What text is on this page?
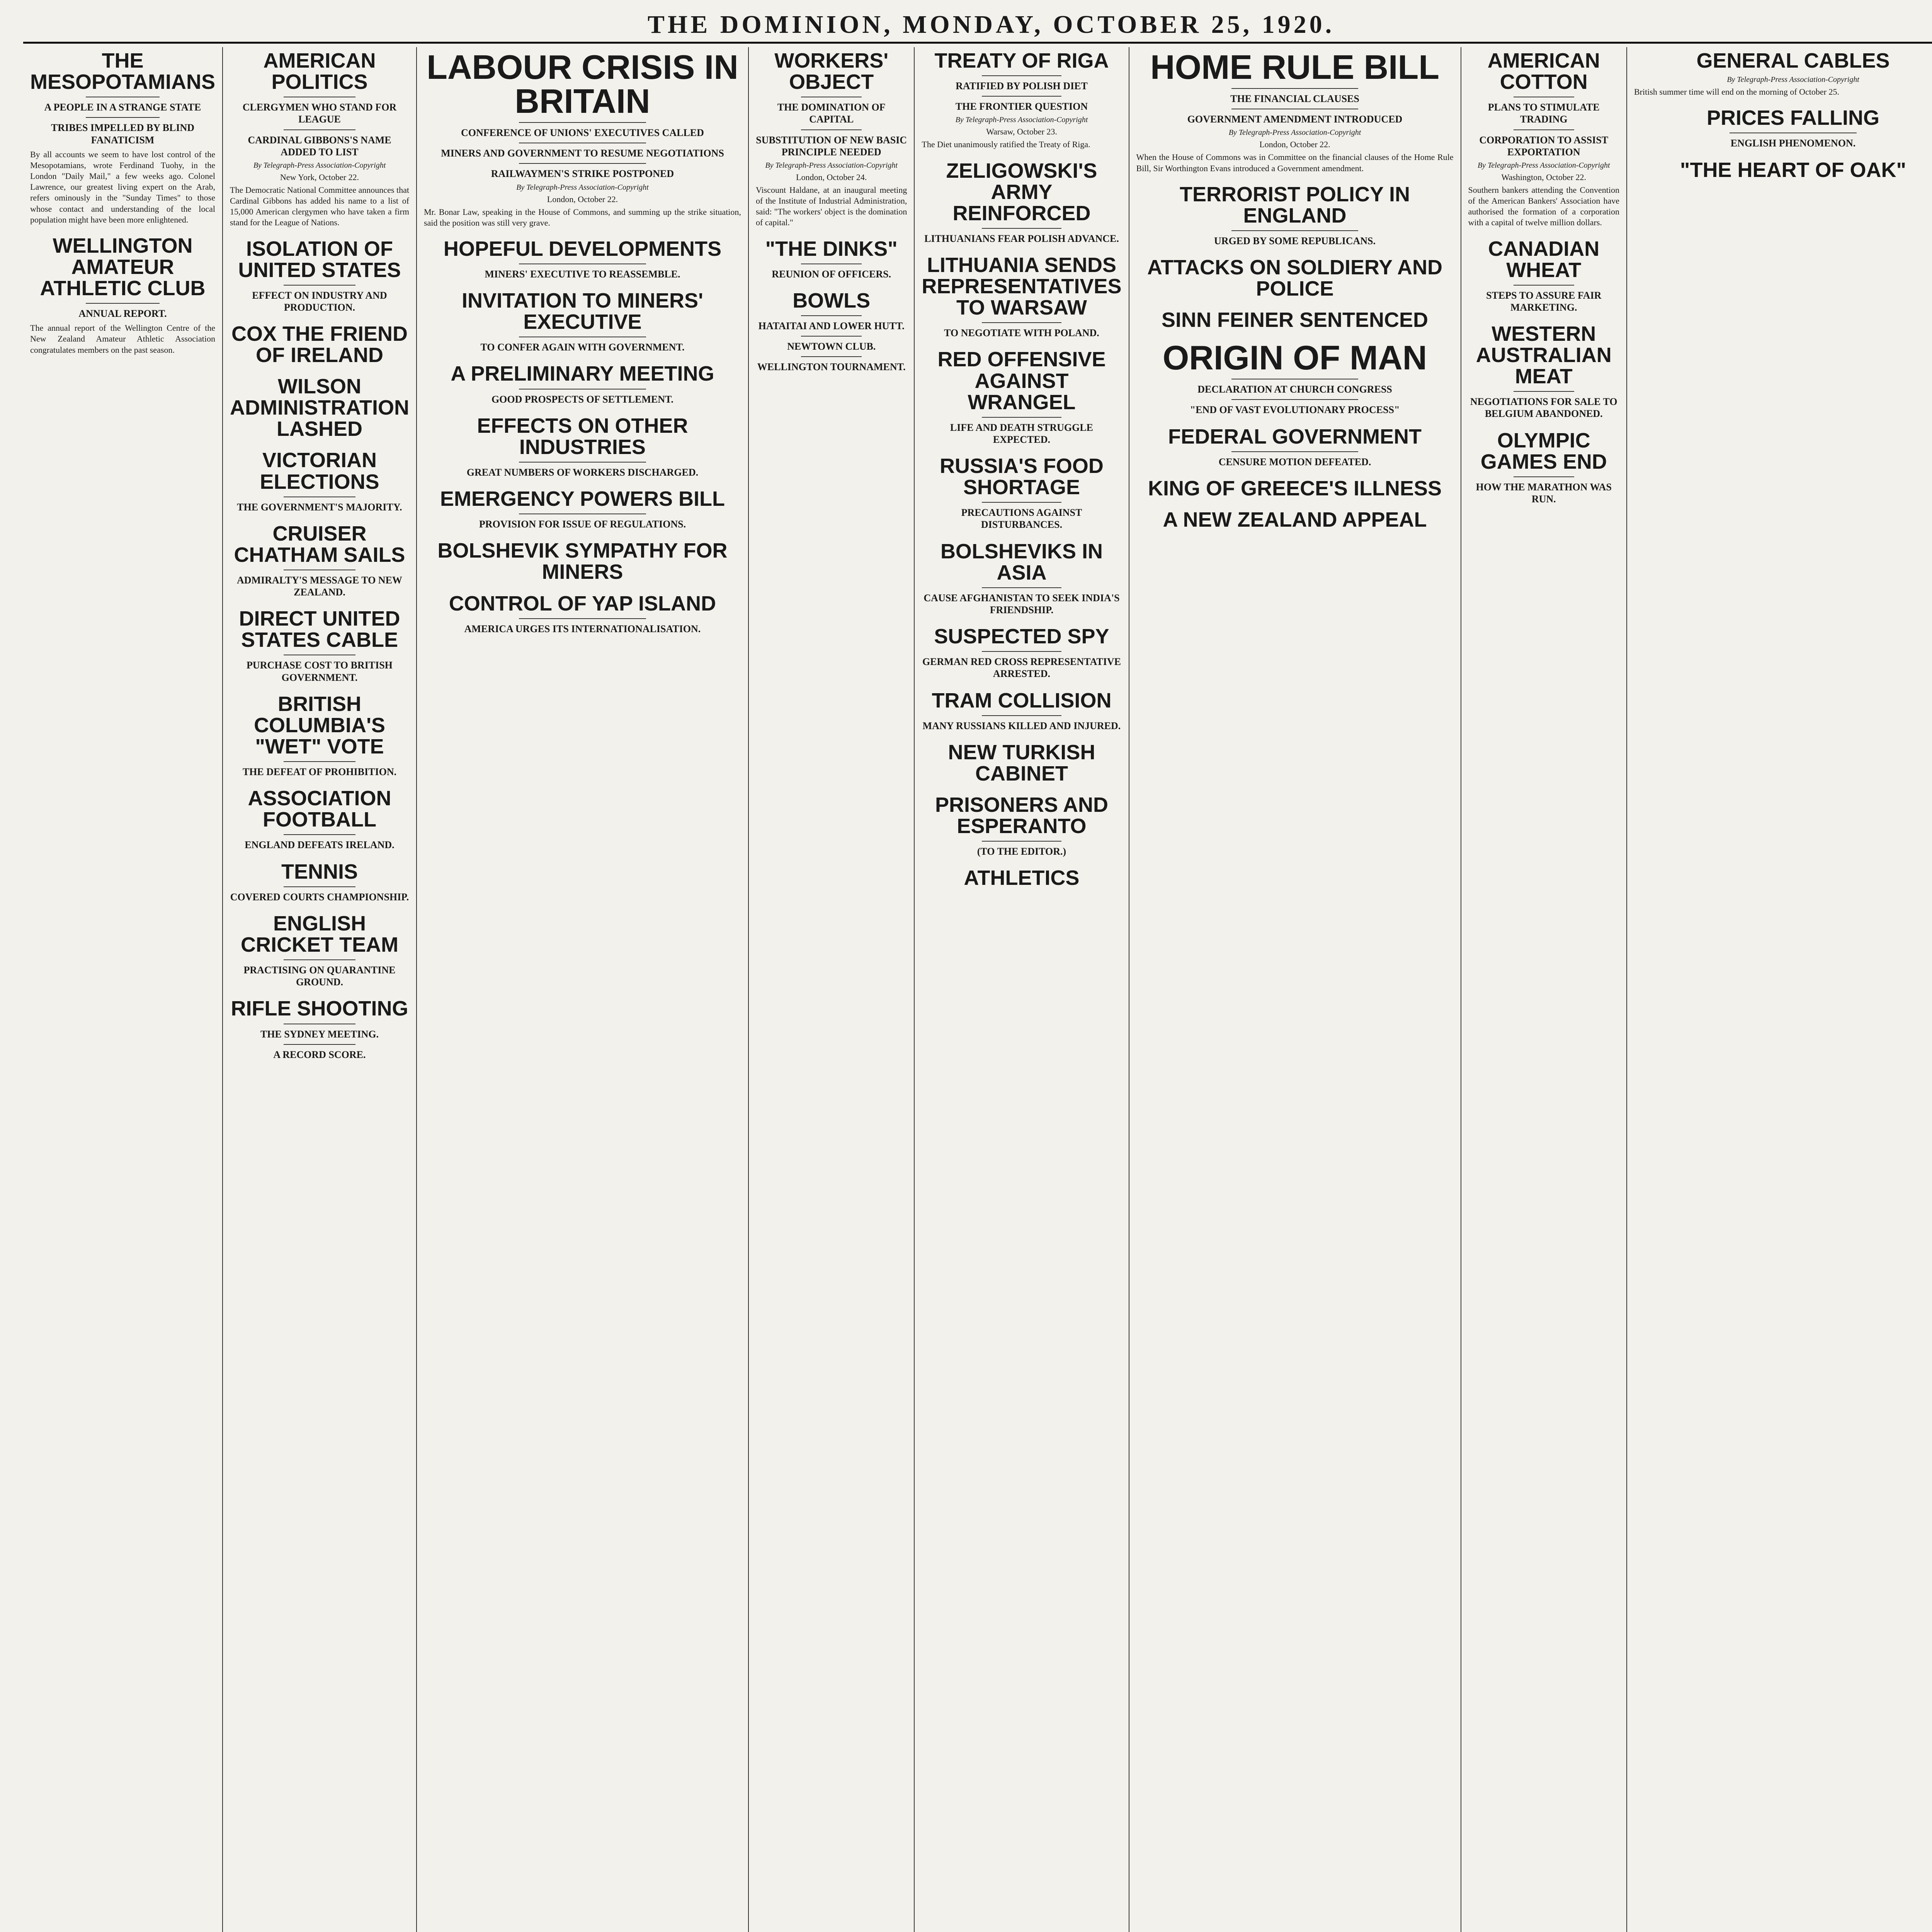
THE DOMINION, MONDAY, OCTOBER 25, 1920.
THE MESOPOTAMIANS
A PEOPLE IN A STRANGE STATE
TRIBES IMPELLED BY BLIND FANATICISM

By all accounts we seem to have lost control of the Mesopotamians, wrote Ferdinand Tuohy, in the London "Daily Mail," a few weeks ago. Colonel Lawrence, our greatest living expert on the Arab, refers ominously in the "Sunday Times" to those whose contact and understanding of the local population might have been more enlightened.

WELLINGTON AMATEUR ATHLETIC CLUB
ANNUAL REPORT.

The annual report of the Wellington Centre of the New Zealand Amateur Athletic Association congratulates members on the past season.

AMERICAN POLITICS
CLERGYMEN WHO STAND FOR LEAGUE
CARDINAL GIBBONS'S NAME ADDED TO LIST
By Telegraph-Press Association-Copyright
New York, October 22.

The Democratic National Committee announces that Cardinal Gibbons has added his name to a list of 15,000 American clergymen who have taken a firm stand for the League of Nations.

ISOLATION OF UNITED STATES
EFFECT ON INDUSTRY AND PRODUCTION.
COX THE FRIEND OF IRELAND
WILSON ADMINISTRATION LASHED
VICTORIAN ELECTIONS
THE GOVERNMENT'S MAJORITY.
CRUISER CHATHAM SAILS
ADMIRALTY'S MESSAGE TO NEW ZEALAND.
DIRECT UNITED STATES CABLE
PURCHASE COST TO BRITISH GOVERNMENT.
BRITISH COLUMBIA'S "WET" VOTE
THE DEFEAT OF PROHIBITION.
ASSOCIATION FOOTBALL
ENGLAND DEFEATS IRELAND.
TENNIS
COVERED COURTS CHAMPIONSHIP.
ENGLISH CRICKET TEAM
PRACTISING ON QUARANTINE GROUND.
RIFLE SHOOTING
THE SYDNEY MEETING.
A RECORD SCORE.
LABOUR CRISIS IN BRITAIN
CONFERENCE OF UNIONS' EXECUTIVES CALLED
MINERS AND GOVERNMENT TO RESUME NEGOTIATIONS
RAILWAYMEN'S STRIKE POSTPONED
By Telegraph-Press Association-Copyright
London, October 22.

Mr. Bonar Law, speaking in the House of Commons, and summing up the strike situation, said the position was still very grave.

HOPEFUL DEVELOPMENTS
MINERS' EXECUTIVE TO REASSEMBLE.
INVITATION TO MINERS' EXECUTIVE
TO CONFER AGAIN WITH GOVERNMENT.
A PRELIMINARY MEETING
GOOD PROSPECTS OF SETTLEMENT.
EFFECTS ON OTHER INDUSTRIES
GREAT NUMBERS OF WORKERS DISCHARGED.
EMERGENCY POWERS BILL
PROVISION FOR ISSUE OF REGULATIONS.
BOLSHEVIK SYMPATHY FOR MINERS
CONTROL OF YAP ISLAND
AMERICA URGES ITS INTERNATIONALISATION.
WORKERS' OBJECT
THE DOMINATION OF CAPITAL
SUBSTITUTION OF NEW BASIC PRINCIPLE NEEDED
By Telegraph-Press Association-Copyright
London, October 24.

Viscount Haldane, at an inaugural meeting of the Institute of Industrial Administration, said: "The workers' object is the domination of capital."

"THE DINKS"
REUNION OF OFFICERS.
BOWLS
HATAITAI AND LOWER HUTT.
NEWTOWN CLUB.
WELLINGTON TOURNAMENT.
TREATY OF RIGA
RATIFIED BY POLISH DIET
THE FRONTIER QUESTION
By Telegraph-Press Association-Copyright
Warsaw, October 23.

The Diet unanimously ratified the Treaty of Riga.

ZELIGOWSKI'S ARMY REINFORCED
LITHUANIANS FEAR POLISH ADVANCE.
LITHUANIA SENDS REPRESENTATIVES TO WARSAW
TO NEGOTIATE WITH POLAND.
RED OFFENSIVE AGAINST WRANGEL
LIFE AND DEATH STRUGGLE EXPECTED.
RUSSIA'S FOOD SHORTAGE
PRECAUTIONS AGAINST DISTURBANCES.
BOLSHEVIKS IN ASIA
CAUSE AFGHANISTAN TO SEEK INDIA'S FRIENDSHIP.
SUSPECTED SPY
GERMAN RED CROSS REPRESENTATIVE ARRESTED.
TRAM COLLISION
MANY RUSSIANS KILLED AND INJURED.
NEW TURKISH CABINET
PRISONERS AND ESPERANTO
(TO THE EDITOR.)
ATHLETICS
HOME RULE BILL
THE FINANCIAL CLAUSES
GOVERNMENT AMENDMENT INTRODUCED
By Telegraph-Press Association-Copyright
London, October 22.

When the House of Commons was in Committee on the financial clauses of the Home Rule Bill, Sir Worthington Evans introduced a Government amendment.

TERRORIST POLICY IN ENGLAND
URGED BY SOME REPUBLICANS.
ATTACKS ON SOLDIERY AND POLICE
SINN FEINER SENTENCED
ORIGIN OF MAN
DECLARATION AT CHURCH CONGRESS
"END OF VAST EVOLUTIONARY PROCESS"
FEDERAL GOVERNMENT
CENSURE MOTION DEFEATED.
KING OF GREECE'S ILLNESS
A NEW ZEALAND APPEAL
AMERICAN COTTON
PLANS TO STIMULATE TRADING
CORPORATION TO ASSIST EXPORTATION
By Telegraph-Press Association-Copyright
Washington, October 22.

Southern bankers attending the Convention of the American Bankers' Association have authorised the formation of a corporation with a capital of twelve million dollars.

CANADIAN WHEAT
STEPS TO ASSURE FAIR MARKETING.
WESTERN AUSTRALIAN MEAT
NEGOTIATIONS FOR SALE TO BELGIUM ABANDONED.
OLYMPIC GAMES END
HOW THE MARATHON WAS RUN.
GENERAL CABLES
By Telegraph-Press Association-Copyright

British summer time will end on the morning of October 25.

PRICES FALLING
ENGLISH PHENOMENON.
"THE HEART OF OAK"
